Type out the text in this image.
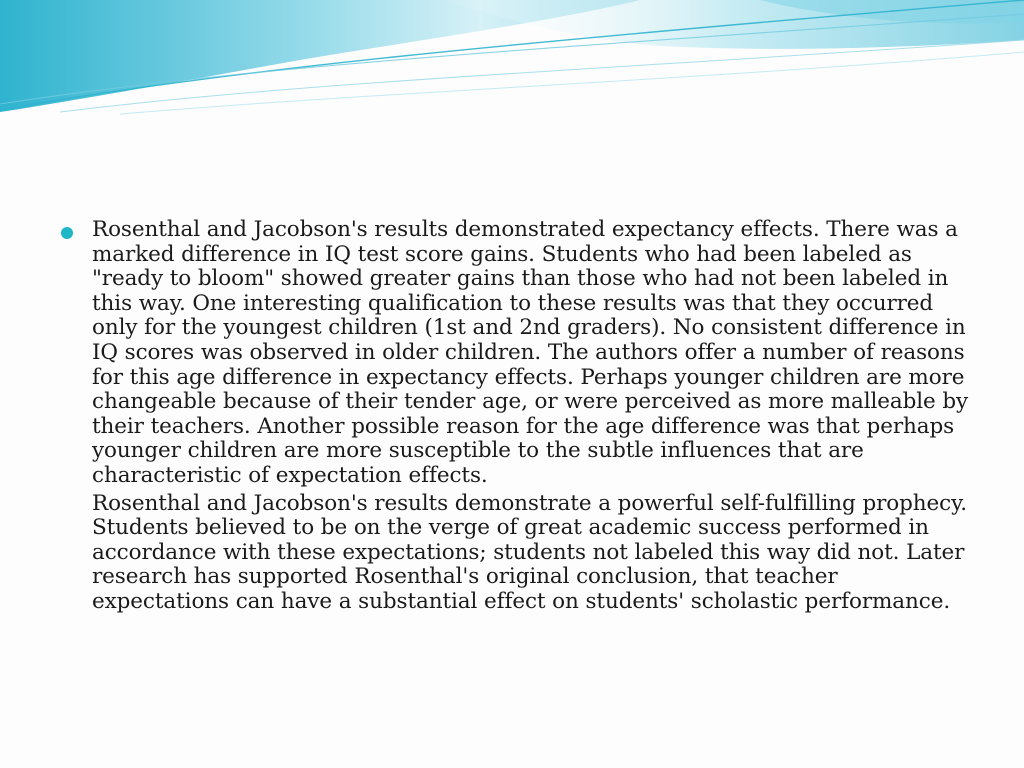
Rosenthal and Jacobson's results demonstrated expectancy effects. There was a marked difference in IQ test score gains. Students who had been labeled as "ready to bloom" showed greater gains than those who had not been labeled in this way. One interesting qualification to these results was that they occurred only for the youngest children (1st and 2nd graders). No consistent difference in IQ scores was observed in older children. The authors offer a number of reasons for this age difference in expectancy effects. Perhaps younger children are more changeable because of their tender age, or were perceived as more malleable by their teachers. Another possible reason for the age difference was that perhaps younger children are more susceptible to the subtle influences that are characteristic of expectation effects.

Rosenthal and Jacobson's results demonstrate a powerful self-fulfilling prophecy. Students believed to be on the verge of great academic success performed in accordance with these expectations; students not labeled this way did not. Later research has supported Rosenthal's original conclusion, that teacher expectations can have a substantial effect on students' scholastic performance.
